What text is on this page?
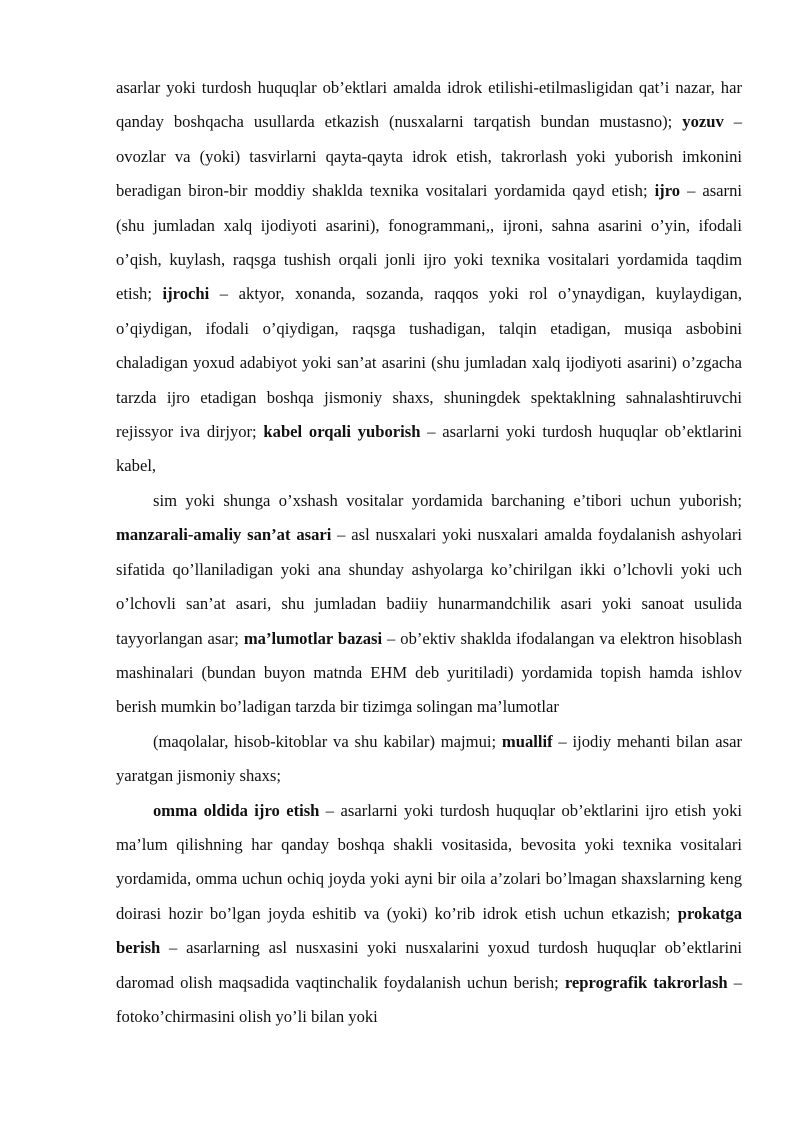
asarlar yoki turdosh huquqlar ob’ektlari amalda idrok etilishi-etilmasligidan qat’i nazar, har qanday boshqacha usullarda etkazish (nusxalarni tarqatish bundan mustasno); yozuv – ovozlar va (yoki) tasvirlarni qayta-qayta idrok etish, takrorlash yoki yuborish imkonini beradigan biron-bir moddiy shaklda texnika vositalari yordamida qayd etish; ijro – asarni (shu jumladan xalq ijodiyoti asarini), fonogrammani,, ijroni, sahna asarini o’yin, ifodali o’qish, kuylash, raqsga tushish orqali jonli ijro yoki texnika vositalari yordamida taqdim etish; ijrochi – aktyor, xonanda, sozanda, raqqos yoki rol o’ynaydigan, kuylaydigan, o’qiydigan, ifodali o’qiydigan, raqsga tushadigan, talqin etadigan, musiqa asbobini chaladigan yoxud adabiyot yoki san’at asarini (shu jumladan xalq ijodiyoti asarini) o’zgacha tarzda ijro etadigan boshqa jismoniy shaxs, shuningdek spektaklning sahnalashtiruvchi rejissyor iva dirjyor; kabel orqali yuborish – asarlarni yoki turdosh huquqlar ob’ektlarini kabel,

sim yoki shunga o’xshash vositalar yordamida barchaning e’tibori uchun yuborish; manzarali-amaliy san’at asari – asl nusxalari yoki nusxalari amalda foydalanish ashyolari sifatida qo’llaniladigan yoki ana shunday ashyolarga ko’chirilgan ikki o’lchovli yoki uch o’lchovli san’at asari, shu jumladan badiiy hunarmandchilik asari yoki sanoat usulida tayyorlangan asar; ma’lumotlar bazasi – ob’ektiv shaklda ifodalangan va elektron hisoblash mashinalari (bundan buyon matnda EHM deb yuritiladi) yordamida topish hamda ishlov berish mumkin bo’ladigan tarzda bir tizimga solingan ma’lumotlar

(maqolalar, hisob-kitoblar va shu kabilar) majmui; muallif – ijodiy mehanti bilan asar yaratgan jismoniy shaxs;

omma oldida ijro etish – asarlarni yoki turdosh huquqlar ob’ektlarini ijro etish yoki ma’lum qilishning har qanday boshqa shakli vositasida, bevosita yoki texnika vositalari yordamida, omma uchun ochiq joyda yoki ayni bir oila a’zolari bo’lmagan shaxslarning keng doirasi hozir bo’lgan joyda eshitib va (yoki) ko’rib idrok etish uchun etkazish; prokatga berish – asarlarning asl nusxasini yoki nusxalarini yoxud turdosh huquqlar ob’ektlarini daromad olish maqsadida vaqtinchalik foydalanish uchun berish; reprografik takrorlash – fotoko’chirmasini olish yo’li bilan yoki
